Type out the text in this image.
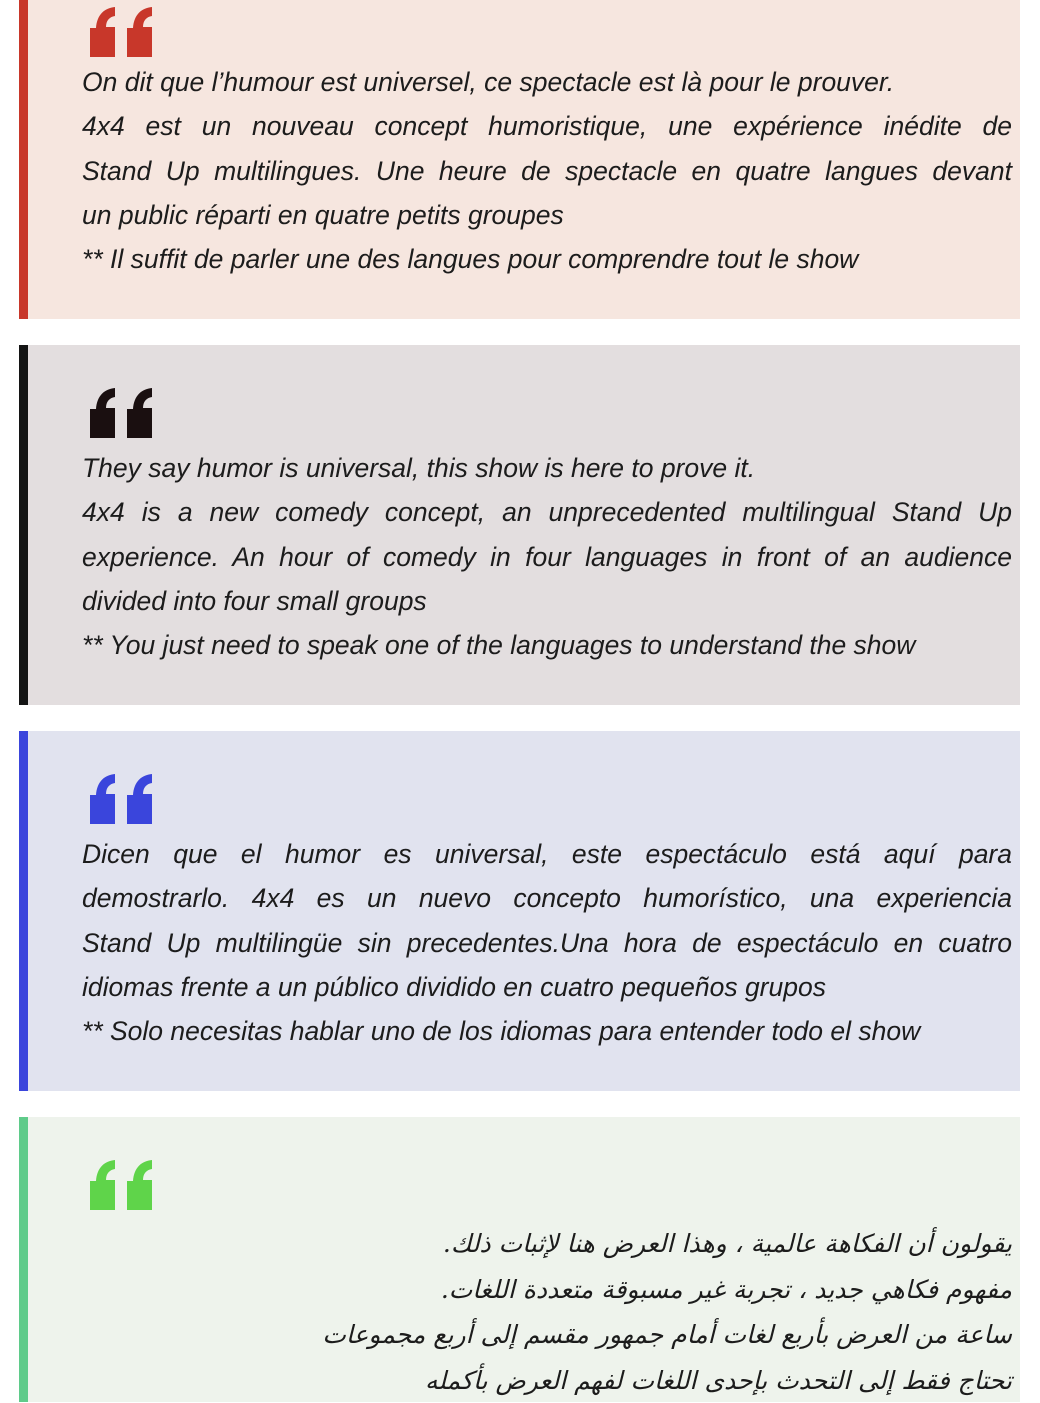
On dit que l’humour est universel, ce spectacle est là pour le prouver.
4x4 est un nouveau concept humoristique, une expérience inédite de
Stand Up multilingues. Une heure de spectacle en quatre langues devant
un public réparti en quatre petits groupes
** Il suffit de parler une des langues pour comprendre tout le show
They say humor is universal, this show is here to prove it.
4x4 is a new comedy concept, an unprecedented multilingual Stand Up
experience. An hour of comedy in four languages in front of an audience
divided into four small groups
** You just need to speak one of the languages to understand the show
Dicen que el humor es universal, este espectáculo está aquí para
demostrarlo. 4x4 es un nuevo concepto humorístico, una experiencia
Stand Up multilingüe sin precedentes.Una hora de espectáculo en cuatro
idiomas frente a un público dividido en cuatro pequeños grupos
** Solo necesitas hablar uno de los idiomas para entender todo el show
يقولون أن الفكاهة عالمية ، وهذا العرض هنا لإثبات ذلك.
مفهوم فكاهي جديد ، تجربة غير مسبوقة متعددة اللغات.
ساعة من العرض بأربع لغات أمام جمهور مقسم إلى أربع مجموعات
تحتاج فقط إلى التحدث بإحدى اللغات لفهم العرض بأكمله
